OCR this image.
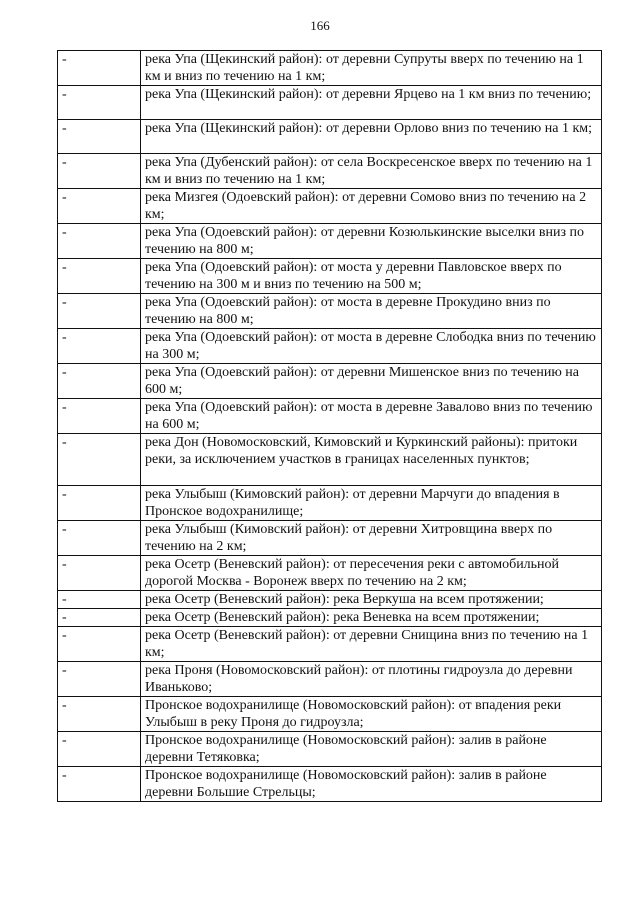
166
-	река Упа (Щекинский район): от деревни Супруты вверх по течению на 1 км и вниз по течению на 1 км;
-	река Упа (Щекинский район): от деревни Ярцево на 1 км вниз по течению;
-	река Упа (Щекинский район): от деревни Орлово вниз по течению на 1 км;
-	река Упа (Дубенский район): от села Воскресенское вверх по течению на 1 км и вниз по течению на 1 км;
-	река Мизгея (Одоевский район): от деревни Сомово вниз по течению на 2 км;
-	река Упа (Одоевский район): от деревни Козюлькинские выселки вниз по течению на 800 м;
-	река Упа (Одоевский район): от моста у деревни Павловское вверх по течению на 300 м и вниз по течению на 500 м;
-	река Упа (Одоевский район): от моста в деревне Прокудино вниз по течению на 800 м;
-	река Упа (Одоевский район): от моста в деревне Слободка вниз по течению на 300 м;
-	река Упа (Одоевский район): от деревни Мишенское вниз по течению на 600 м;
-	река Упа (Одоевский район): от моста в деревне Завалово вниз по течению на 600 м;
-	река Дон (Новомосковский, Кимовский и Куркинский районы): притоки реки, за исключением участков в границах населенных пунктов;
-	река Улыбыш (Кимовский район): от деревни Марчуги до впадения в Пронское водохранилище;
-	река Улыбыш (Кимовский район): от деревни Хитровщина вверх по течению на 2 км;
-	река Осетр (Веневский район): от пересечения реки с автомобильной дорогой Москва - Воронеж вверх по течению на 2 км;
-	река Осетр (Веневский район): река Веркуша на всем протяжении;
-	река Осетр (Веневский район): река Веневка на всем протяжении;
-	река Осетр (Веневский район): от деревни Снищина вниз по течению на 1 км;
-	река Проня (Новомосковский район): от плотины гидроузла до деревни Иваньково;
-	Пронское водохранилище (Новомосковский район): от впадения реки Улыбыш в реку Проня до гидроузла;
-	Пронское водохранилище (Новомосковский район): залив в районе деревни Тетяковка;
-	Пронское водохранилище (Новомосковский район): залив в районе деревни Большие Стрельцы;
